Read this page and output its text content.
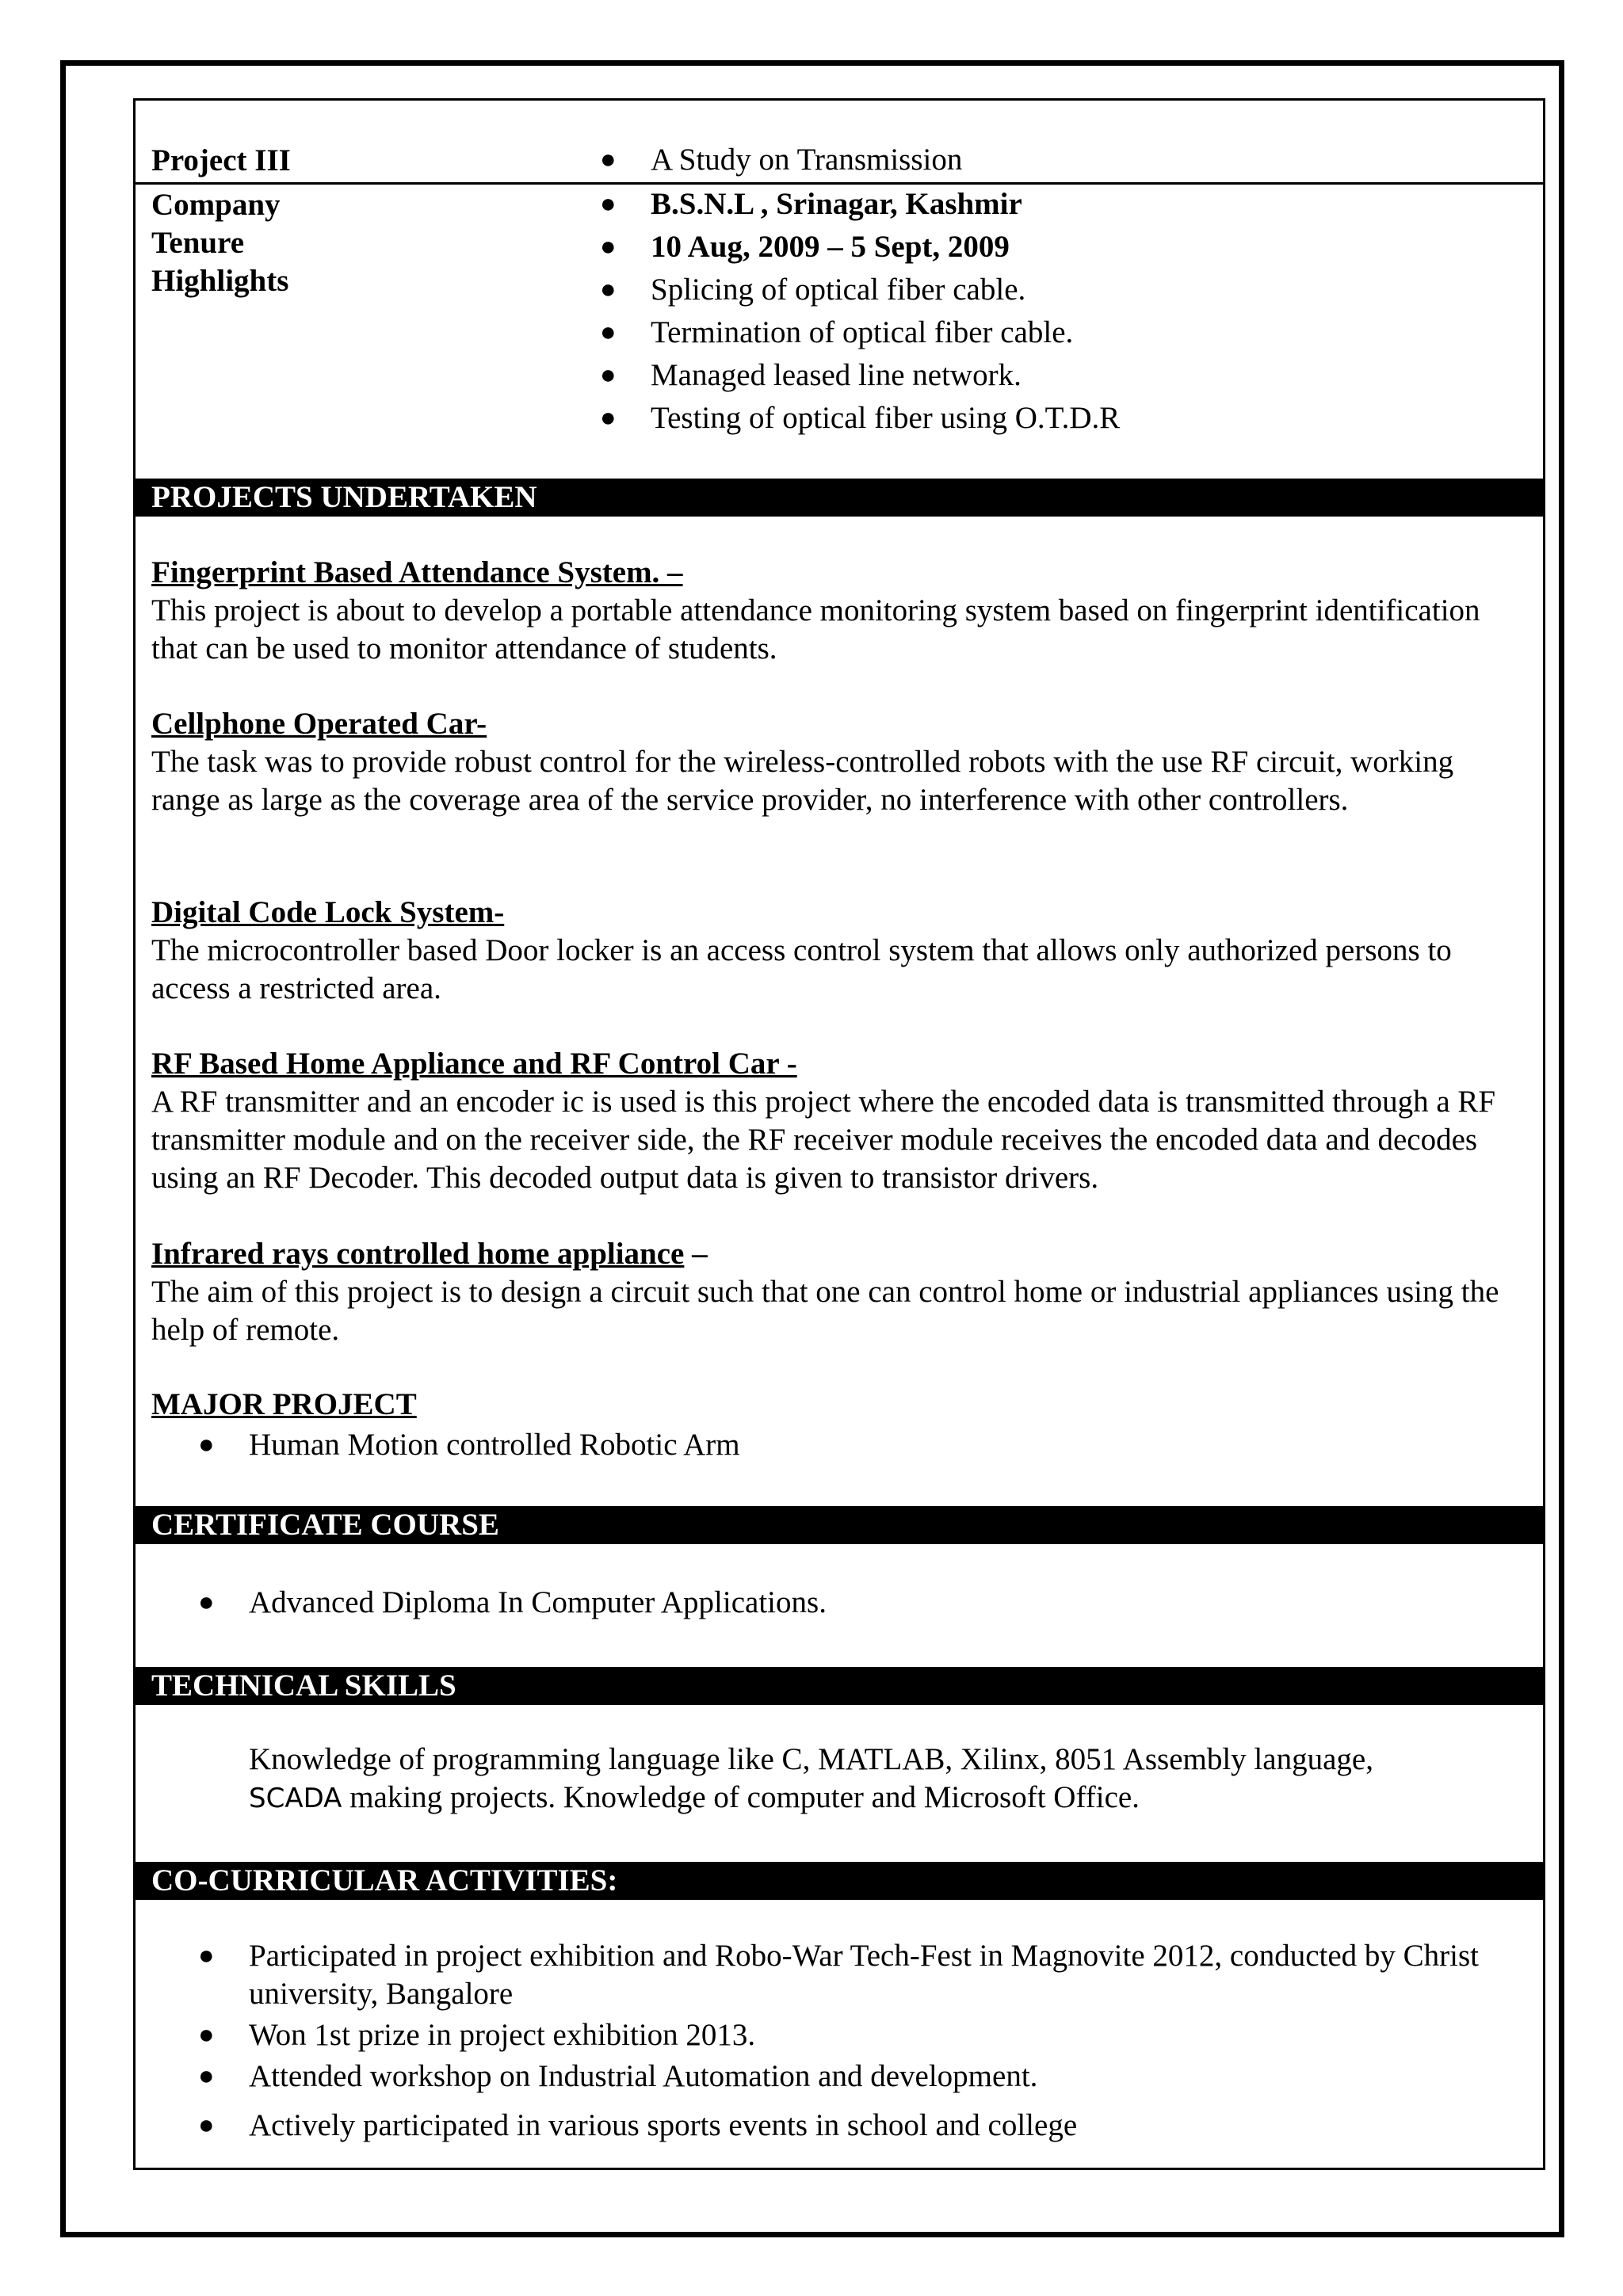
Project III	● A Study on Transmission
Company
Tenure
Highlights
● B.S.N.L , Srinagar, Kashmir
● 10 Aug, 2009 – 5 Sept, 2009
● Splicing of optical fiber cable.
● Termination of optical fiber cable.
● Managed leased line network.
● Testing of optical fiber using O.T.D.R
PROJECTS UNDERTAKEN
Fingerprint Based Attendance System. –
This project is about to develop a portable attendance monitoring system based on fingerprint identification that can be used to monitor attendance of students.
Cellphone Operated Car-
The task was to provide robust control for the wireless-controlled robots with the use RF circuit, working range as large as the coverage area of the service provider, no interference with other controllers.
Digital Code Lock System-
The microcontroller based Door locker is an access control system that allows only authorized persons to access a restricted area.
RF Based Home Appliance and RF Control Car -
A RF transmitter and an encoder ic is used is this project where the encoded data is transmitted through a RF transmitter module and on the receiver side, the RF receiver module receives the encoded data and decodes using an RF Decoder. This decoded output data is given to transistor drivers.
Infrared rays controlled home appliance –
The aim of this project is to design a circuit such that one can control home or industrial appliances using the help of remote.
MAJOR PROJECT
● Human Motion controlled Robotic Arm
CERTIFICATE COURSE
● Advanced Diploma In Computer Applications.
TECHNICAL SKILLS
Knowledge of programming language like C, MATLAB, Xilinx, 8051 Assembly language,
SCADA making projects. Knowledge of computer and Microsoft Office.
CO-CURRICULAR ACTIVITIES:
● Participated in project exhibition and Robo-War Tech-Fest in Magnovite 2012, conducted by Christ university, Bangalore
● Won 1st prize in project exhibition 2013.
● Attended workshop on Industrial Automation and development.
● Actively participated in various sports events in school and college
